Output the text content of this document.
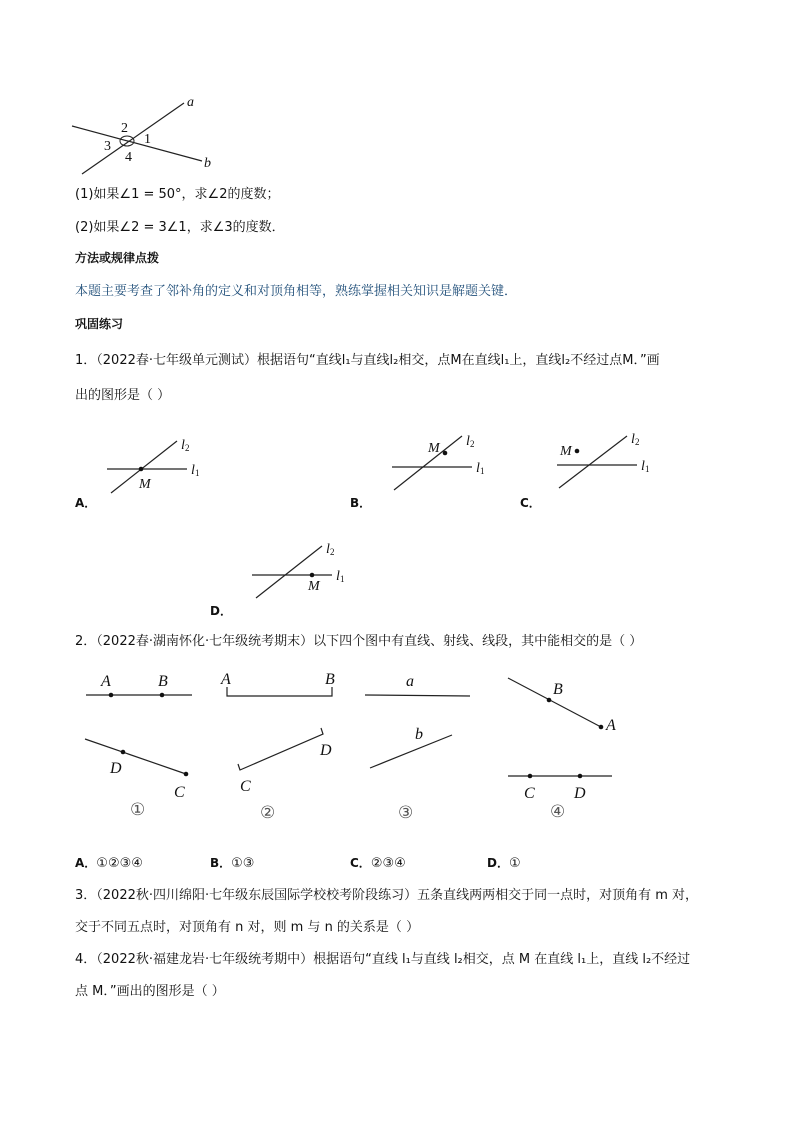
a
b
2
1
3
4

(1)如果∠1 = 50°，求∠2的度数；

(2)如果∠2 = 3∠1，求∠3的度数．

方法或规律点拨

本题主要考查了邻补角的定义和对顶角相等，熟练掌握相关知识是解题关键．

巩固练习

1．（2022春·七年级单元测试）根据语句“直线l₁与直线l₂相交，点M在直线l₁上，直线l₂不经过点M．”画

出的图形是（ ）

l 2
l 1
M
A．
M l 2
l 1
B．
M
l 2
l 1
C．
M
l 2
l 1
D．

2．（2022春·湖南怀化·七年级统考期末）以下四个图中有直线、射线、线段，其中能相交的是（ ）

A	B
D
C
①
A	B
D
C
②
a
b
③
B
A
C D
④
A．①②③④	B．①③	C．②③④	D．①

3．（2022秋·四川绵阳·七年级东辰国际学校校考阶段练习）五条直线两两相交于同一点时，对顶角有 m 对，

交于不同五点时，对顶角有 n 对，则 m 与 n 的关系是（ ）

4．（2022秋·福建龙岩·七年级统考期中）根据语句“直线 l₁与直线 l₂相交，点 M 在直线 l₁上，直线 l₂不经过

点 M．”画出的图形是（ ）
